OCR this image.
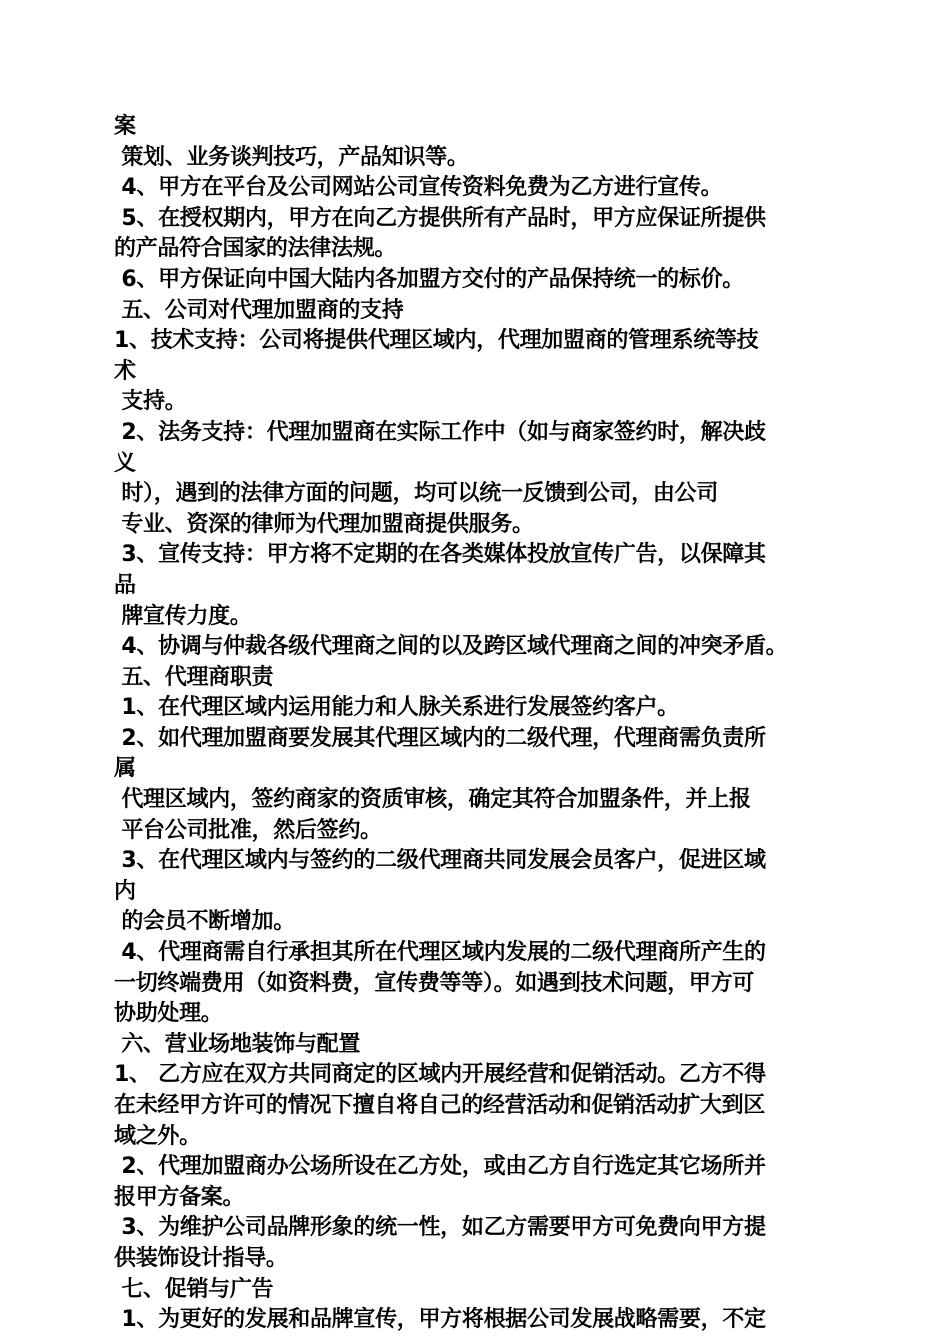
案
策划、业务谈判技巧，产品知识等。
4、甲方在平台及公司网站公司宣传资料免费为乙方进行宣传。
5、在授权期内，甲方在向乙方提供所有产品时，甲方应保证所提供
的产品符合国家的法律法规。
6、甲方保证向中国大陆内各加盟方交付的产品保持统一的标价。
五、公司对代理加盟商的支持
1、技术支持：公司将提供代理区域内，代理加盟商的管理系统等技
术
支持。
2、法务支持：代理加盟商在实际工作中（如与商家签约时，解决歧
义
时），遇到的法律方面的问题，均可以统一反馈到公司，由公司
专业、资深的律师为代理加盟商提供服务。
3、宣传支持：甲方将不定期的在各类媒体投放宣传广告，以保障其
品
牌宣传力度。
4、协调与仲裁各级代理商之间的以及跨区域代理商之间的冲突矛盾。
五、代理商职责
1、在代理区域内运用能力和人脉关系进行发展签约客户。
2、如代理加盟商要发展其代理区域内的二级代理，代理商需负责所
属
代理区域内，签约商家的资质审核，确定其符合加盟条件，并上报
平台公司批准，然后签约。
3、在代理区域内与签约的二级代理商共同发展会员客户，促进区域
内
的会员不断增加。
4、代理商需自行承担其所在代理区域内发展的二级代理商所产生的
一切终端费用（如资料费，宣传费等等）。如遇到技术问题，甲方可
协助处理。
六、营业场地装饰与配置
1、 乙方应在双方共同商定的区域内开展经营和促销活动。乙方不得
在未经甲方许可的情况下擅自将自己的经营活动和促销活动扩大到区
域之外。
2、代理加盟商办公场所设在乙方处，或由乙方自行选定其它场所并
报甲方备案。
3、为维护公司品牌形象的统一性，如乙方需要甲方可免费向甲方提
供装饰设计指导。
七、促销与广告
1、为更好的发展和品牌宣传，甲方将根据公司发展战略需要，不定
